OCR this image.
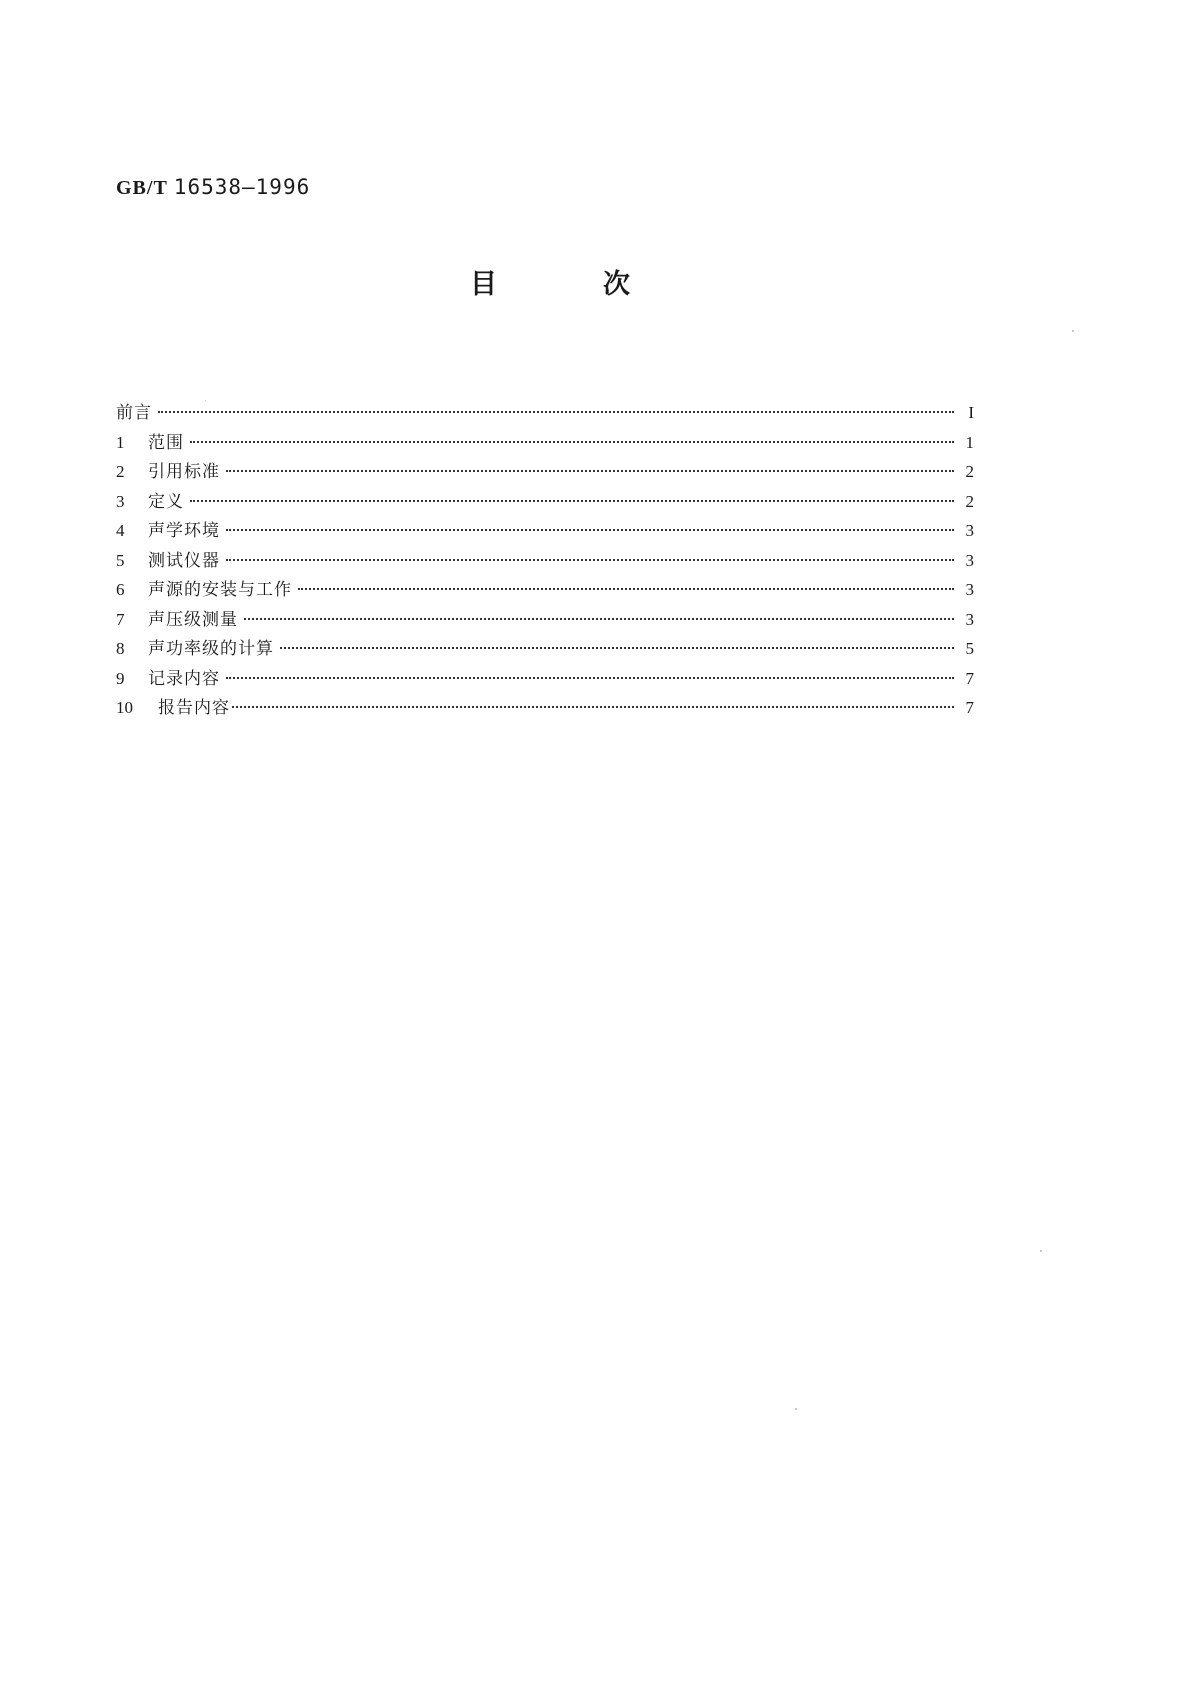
GB/T 16538—1996
目	次
前言	I
1	范围	1
2	引用标准	2
3	定义	2
4	声学环境	3
5	测试仪器	3
6	声源的安装与工作	3
7	声压级测量	3
8	声功率级的计算	5
9	记录内容	7
10	报告内容	7
